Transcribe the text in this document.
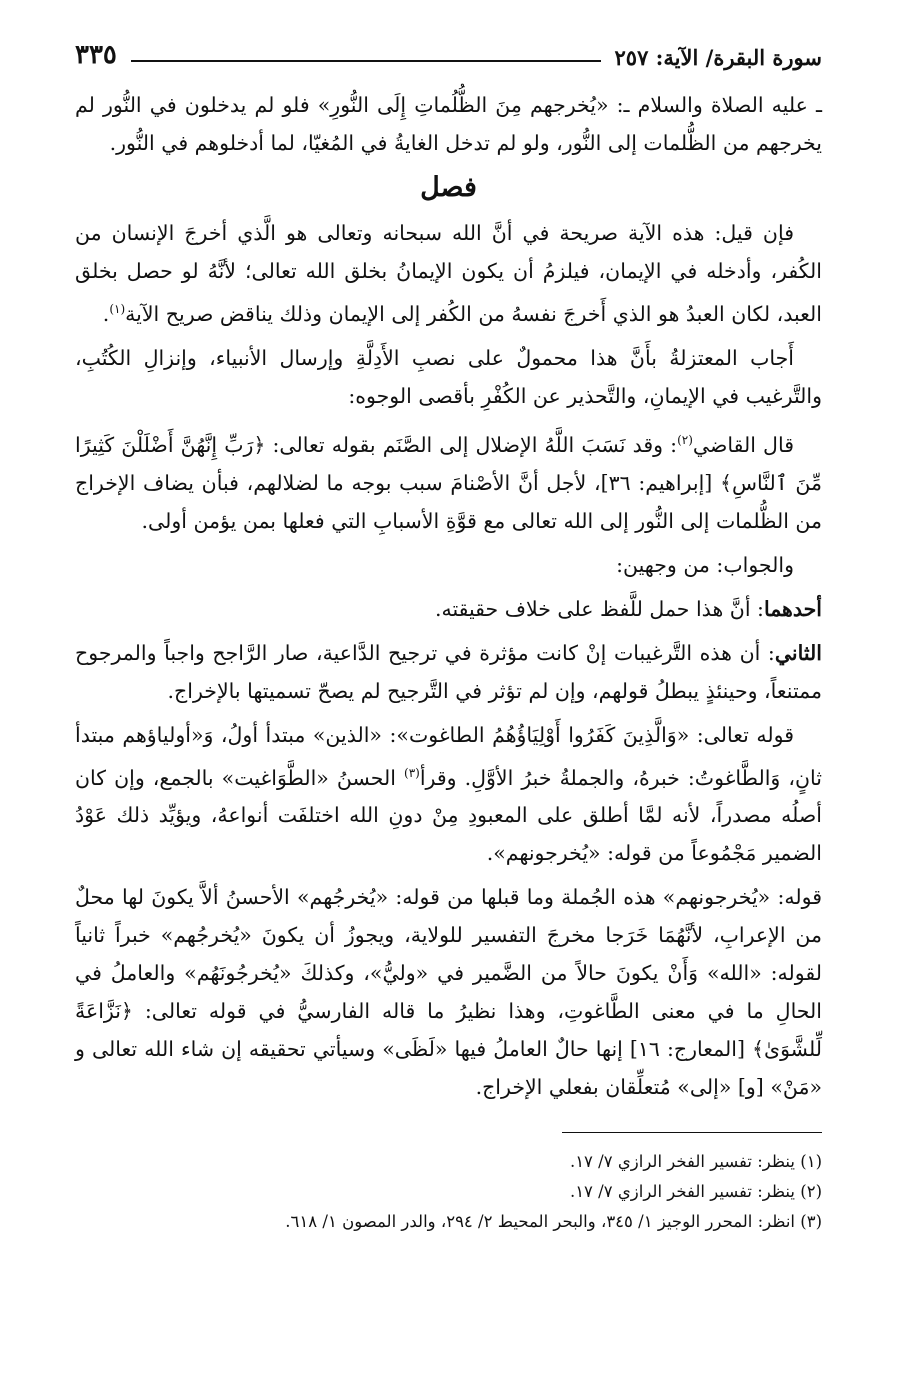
سورة البقرة/ الآية: ٢٥٧
٣٣٥

ـ عليه الصلاة والسلام ـ: «يُخرجهم مِنَ الظُّلُماتِ إِلَى النُّورِ» فلو لم يدخلون في النُّور لم يخرجهم من الظُّلمات إلى النُّور، ولو لم تدخل الغايةُ في المُغيّا، لما أدخلوهم في النُّور.

فصل

فإن قيل: هذه الآية صريحة في أنَّ الله سبحانه وتعالى هو الَّذي أخرجَ الإنسان من الكُفر، وأدخله في الإيمان، فيلزمُ أن يكون الإيمانُ بخلق الله تعالى؛ لأنَّهُ لو حصل بخلق العبد، لكان العبدُ هو الذي أَخرجَ نفسهُ من الكُفر إلى الإيمان وذلك يناقض صريح الآية$^{(١)}$.

أَجاب المعتزلةُ بأَنَّ هذا محمولٌ على نصبِ الأَدِلَّةِ وإرسال الأنبياء، وإنزالِ الكُتُبِ، والتَّرغيب في الإيمانِ، والتَّحذير عن الكُفْرِ بأقصى الوجوه:

قال القاضي$^{(٢)}$: وقد نَسَبَ اللَّهُ الإضلال إلى الصَّنَم بقوله تعالى: ﴿رَبِّ إِنَّهُنَّ أَضْلَلْنَ كَثِيرًا مِّنَ ٱلنَّاسِ﴾ [إبراهيم: ٣٦]، لأجل أنَّ الأصْنامَ سبب بوجه ما لضلالهم، فبأن يضاف الإخراج من الظُّلمات إلى النُّور إلى الله تعالى مع قوَّةِ الأسبابِ التي فعلها بمن يؤمن أولى.

والجواب: من وجهين:

أحدهما: أنَّ هذا حمل للَّفظ على خلاف حقيقته.

الثاني: أن هذه التَّرغيبات إنْ كانت مؤثرة في ترجيح الدَّاعية، صار الرَّاجح واجباً والمرجوح ممتنعاً، وحينئذٍ يبطلُ قولهم، وإن لم تؤثر في التَّرجيح لم يصحّ تسميتها بالإخراج.

قوله تعالى: «وَالَّذِينَ كَفَرُوا أَوْلِيَاؤُهُمُ الطاغوت»: «الذين» مبتدأ أولُ، وَ«أولياؤهم مبتدأ ثانٍ، وَالطَّاغوتُ: خبرهُ، والجملةُ خبرُ الأوَّلِ. وقرأ$^{(٣)}$ الحسنُ «الطَّوَاغيت» بالجمع، وإن كان أصلُه مصدراً، لأنه لمَّا أطلق على المعبودِ مِنْ دونِ الله اختلفَت أنواعهُ، ويؤيِّد ذلك عَوْدُ الضمير مَجْمُوعاً من قوله: «يُخرجونهم».

قوله: «يُخرجونهم» هذه الجُملة وما قبلها من قوله: «يُخرجُهم» الأحسنُ ألاَّ يكونَ لها محلٌ من الإعرابِ، لأنَّهُمَا خَرَجا مخرجَ التفسير للولاية، ويجوزُ أن يكونَ «يُخرجُهم» خبراً ثانياً لقوله: «الله» وَأَنْ يكونَ حالاً من الضَّمير في «وليُّ»، وكذلكَ «يُخرجُونَهُم» والعاملُ في الحالِ ما في معنى الطَّاغوتِ، وهذا نظيرُ ما قاله الفارسيُّ في قوله تعالى: ﴿نَزَّاعَةً لِّلشَّوَىٰ﴾ [المعارج: ١٦] إنها حالٌ العاملُ فيها «لَظَى» وسيأتي تحقيقه إن شاء الله تعالى و «مَنْ» [و] «إلى» مُتعلِّقان بفعلي الإخراج.

(١) ينظر: تفسير الفخر الرازي ٧/ ١٧.

(٢) ينظر: تفسير الفخر الرازي ٧/ ١٧.

(٣) انظر: المحرر الوجيز ١/ ٣٤٥، والبحر المحيط ٢/ ٢٩٤، والدر المصون ١/ ٦١٨.
